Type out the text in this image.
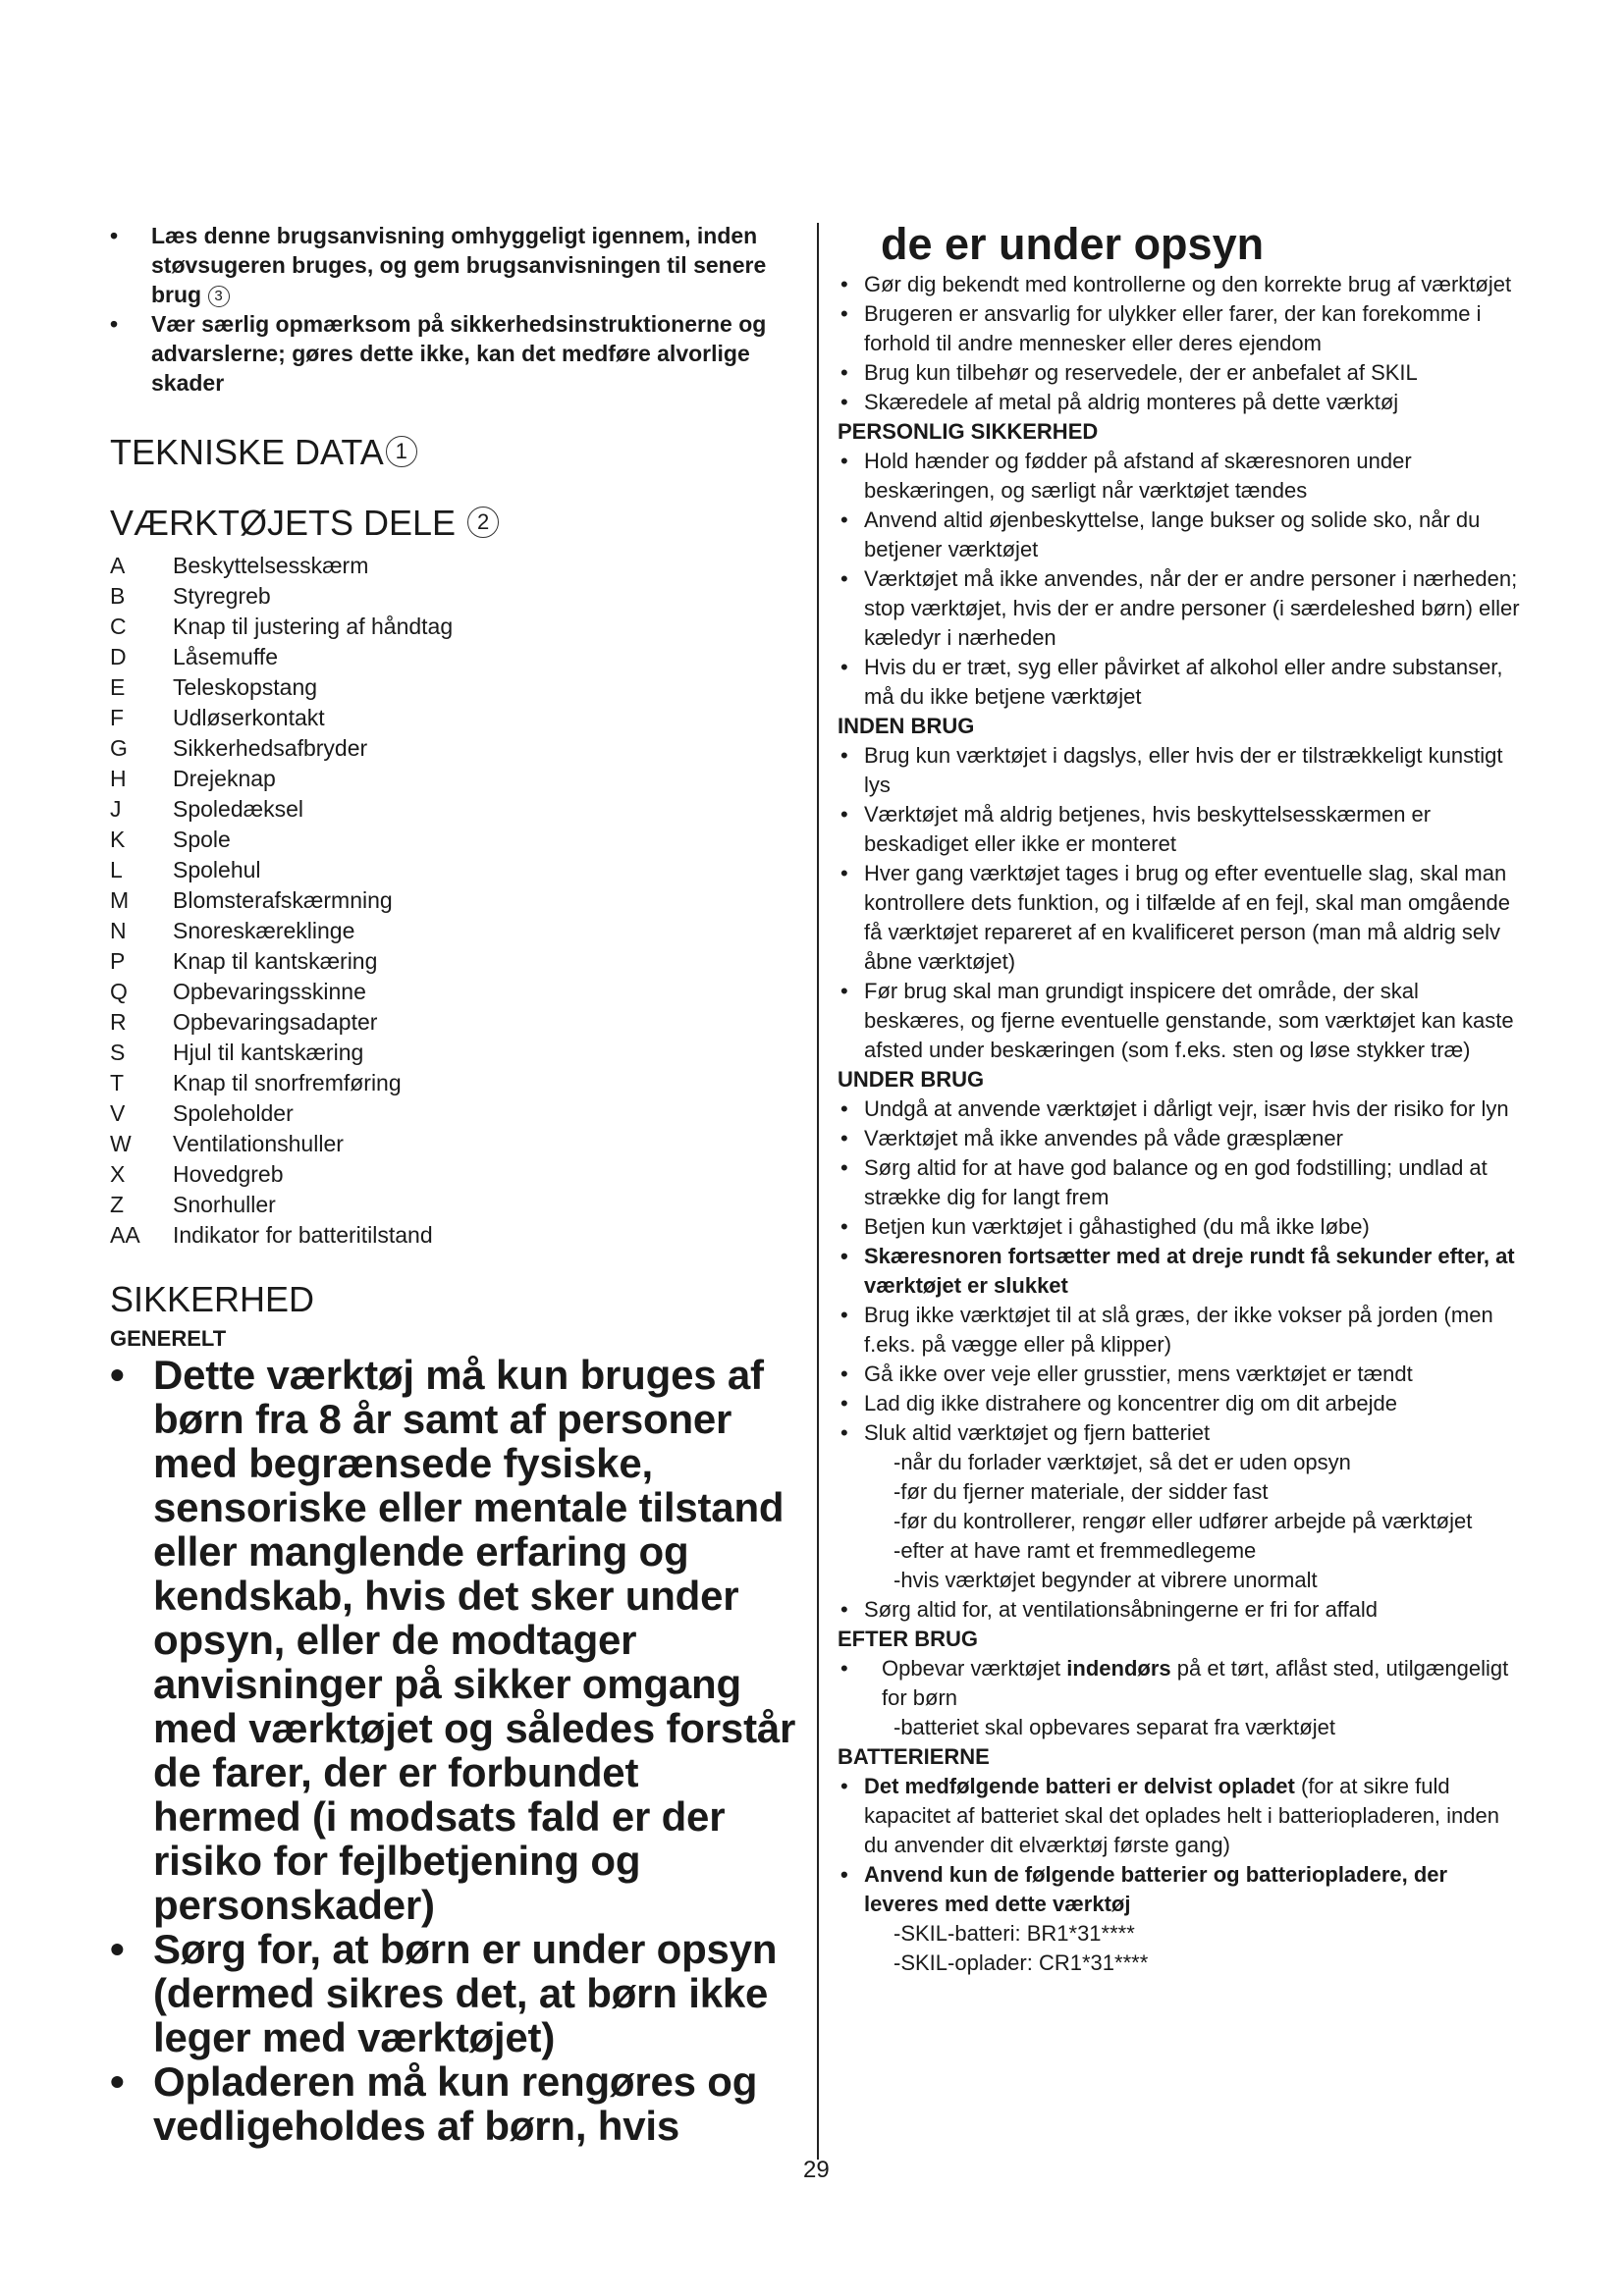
29
• Læs denne brugsanvisning omhyggeligt igennem, inden støvsugeren bruges, og gem brugsanvisningen til senere brug 3
• Vær særlig opmærksom på sikkerhedsinstruktionerne og advarslerne; gøres dette ikke, kan det medføre alvorlige skader
TEKNISKE DATA 1
VÆRKTØJETS DELE 2
A	Beskyttelsesskærm
B	Styregreb
C	Knap til justering af håndtag
D	Låsemuffe
E	Teleskopstang
F	Udløserkontakt
G	Sikkerhedsafbryder
H	Drejeknap
J	Spoledæksel
K	Spole
L	Spolehul
M	Blomsterafskærmning
N	Snoreskæreklinge
P	Knap til kantskæring
Q	Opbevaringsskinne
R	Opbevaringsadapter
S	Hjul til kantskæring
T	Knap til snorfremføring
V	Spoleholder
W	Ventilationshuller
X	Hovedgreb
Z	Snorhuller
AA	Indikator for batteritilstand
SIKKERHED
GENERELT
• Dette værktøj må kun bruges af børn fra 8 år samt af personer med begrænsede fysiske, sensoriske eller mentale tilstand eller manglende erfaring og kendskab, hvis det sker under opsyn, eller de modtager anvisninger på sikker omgang med værktøjet og således forstår de farer, der er forbundet hermed (i modsats fald er der risiko for fejlbetjening og personskader)
• Sørg for, at børn er under opsyn (dermed sikres det, at børn ikke leger med værktøjet)
• Opladeren må kun rengøres og vedligeholdes af børn, hvis
de er under opsyn
• Gør dig bekendt med kontrollerne og den korrekte brug af værktøjet
• Brugeren er ansvarlig for ulykker eller farer, der kan forekomme i forhold til andre mennesker eller deres ejendom
• Brug kun tilbehør og reservedele, der er anbefalet af SKIL
• Skæredele af metal på aldrig monteres på dette værktøj
PERSONLIG SIKKERHED
• Hold hænder og fødder på afstand af skæresnoren under beskæringen, og særligt når værktøjet tændes
• Anvend altid øjenbeskyttelse, lange bukser og solide sko, når du betjener værktøjet
• Værktøjet må ikke anvendes, når der er andre personer i nærheden; stop værktøjet, hvis der er andre personer (i særdeleshed børn) eller kæledyr i nærheden
• Hvis du er træt, syg eller påvirket af alkohol eller andre substanser, må du ikke betjene værktøjet
INDEN BRUG
• Brug kun værktøjet i dagslys, eller hvis der er tilstrækkeligt kunstigt lys
• Værktøjet må aldrig betjenes, hvis beskyttelsesskærmen er beskadiget eller ikke er monteret
• Hver gang værktøjet tages i brug og efter eventuelle slag, skal man kontrollere dets funktion, og i tilfælde af en fejl, skal man omgående få værktøjet repareret af en kvalificeret person (man må aldrig selv åbne værktøjet)
• Før brug skal man grundigt inspicere det område, der skal beskæres, og fjerne eventuelle genstande, som værktøjet kan kaste afsted under beskæringen (som f.eks. sten og løse stykker træ)
UNDER BRUG
• Undgå at anvende værktøjet i dårligt vejr, især hvis der risiko for lyn
• Værktøjet må ikke anvendes på våde græsplæner
• Sørg altid for at have god balance og en god fodstilling; undlad at strække dig for langt frem
• Betjen kun værktøjet i gåhastighed (du må ikke løbe)
• Skæresnoren fortsætter med at dreje rundt få sekunder efter, at værktøjet er slukket
• Brug ikke værktøjet til at slå græs, der ikke vokser på jorden (men f.eks. på vægge eller på klipper)
• Gå ikke over veje eller grusstier, mens værktøjet er tændt
• Lad dig ikke distrahere og koncentrer dig om dit arbejde
• Sluk altid værktøjet og fjern batteriet
-når du forlader værktøjet, så det er uden opsyn
-før du fjerner materiale, der sidder fast
-før du kontrollerer, rengør eller udfører arbejde på værktøjet
-efter at have ramt et fremmedlegeme
-hvis værktøjet begynder at vibrere unormalt
• Sørg altid for, at ventilationsåbningerne er fri for affald
EFTER BRUG
• Opbevar værktøjet indendørs på et tørt, aflåst sted, utilgængeligt for børn
-batteriet skal opbevares separat fra værktøjet
BATTERIERNE
• Det medfølgende batteri er delvist opladet (for at sikre fuld kapacitet af batteriet skal det oplades helt i batteriopladeren, inden du anvender dit elværktøj første gang)
• Anvend kun de følgende batterier og batteriopladere, der leveres med dette værktøj
-SKIL-batteri: BR1*31****
-SKIL-oplader: CR1*31****
